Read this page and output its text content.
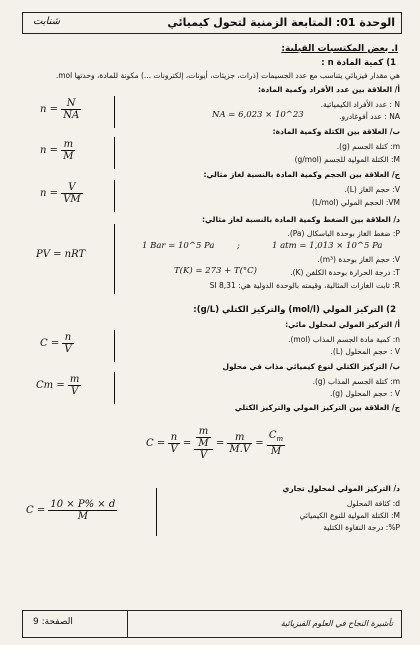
الوحدة 01: المتابعة الزمنية لتحول كيميائي
شنابت
I. بعض المكتسبات القبلية:
1) كمية المادة n :
هي مقدار فيزيائي يتناسب مع عدد الجسيمات (ذرات، جزيئات، أيونات، إلكترونات ...) مكونة للمادة، وحدتها mol.
أ/ العلاقة بين عدد الأفراد وكمية المادة:
N : عدد الأفراد الكيميائية.
NA : عدد أفوغادرو.
NA = 6,023 × 10^23
$n = \frac{N}{NA}$
ب/ العلاقة بين الكتلة وكمية المادة:
m: كتلة الجسم (g).
M: الكتلة المولية للجسم (g/mol)
$n = \frac{m}{M}$
ج/ العلاقة بين الحجم وكمية المادة بالنسبة لغاز مثالي:
V: حجم الغاز (L).
VM: الحجم المولي (L/mol)
$n = \frac{V}{VM}$
د/ العلاقة بين الضغط وكمية المادة بالنسبة لغاز مثالي:
P: ضغط الغاز بوحدة الباسكال (Pa).
1 Bar = 10^5 Pa	;	1 atm = 1,013 × 10^5 Pa
V: حجم الغاز بوحدة (m³).
T(K) = 273 + T(°C)	T: درجة الحرارة بوحدة الكلفن (K).
R: ثابت الغازات المثالية، وقيمته بالوحدة الدولية هي: 8,31 SI
PV = nRT
2) التركيز المولي (mol/l) والتركيز الكتلي (g/L):
أ/ التركيز المولي لمحلول مائي:
n: كمية مادة الجسم المذاب (mol).
V : حجم المحلول (L).
$C = \frac{n}{V}$
ب/ التركيز الكتلي لنوع كيميائي مذاب في محلول
m: كتلة الجسم المذاب (g).
V : حجم المحلول (g).
$Cm = \frac{m}{V}$
ج/ العلاقة بين التركيز المولي والتركيز الكتلي
$C = \frac{n}{V} = \frac{\frac{m}{M}}{V} = \frac{m}{M.V} = \frac{C_m}{M}$
د/ التركيز المولي لمحلول تجاري
d: كثافة المحلول
M: الكتلة المولية للنوع الكيميائي
P%: درجة النقاوة الكتلية
$C = \frac{10 \times P\% \times d}{M}$
الصفحة: 9	تأشيرة النجاح في العلوم الفيزيائية
